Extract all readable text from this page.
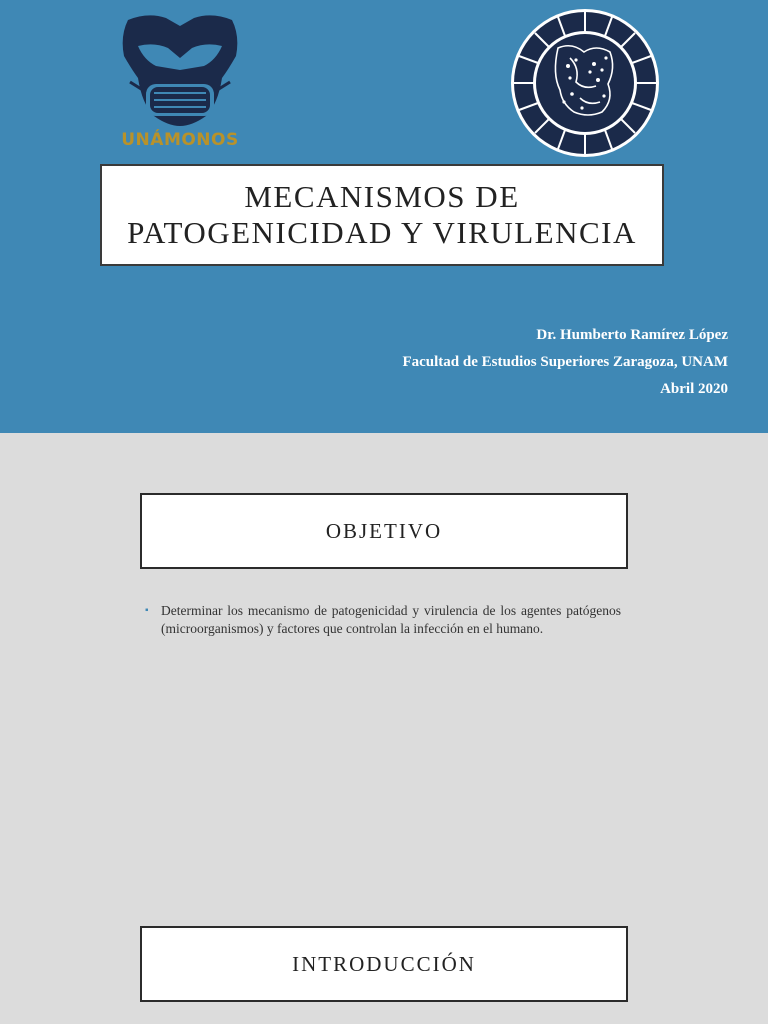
UNÁMONOS
MECANISMOS DE
PATOGENICIDAD Y VIRULENCIA
Dr. Humberto Ramírez López
Facultad de Estudios Superiores Zaragoza, UNAM
Abril 2020
OBJETIVO
▪ Determinar los mecanismo de patogenicidad y virulencia de los agentes patógenos (microorganismos) y factores que controlan la infección en el humano.
INTRODUCCIÓN
